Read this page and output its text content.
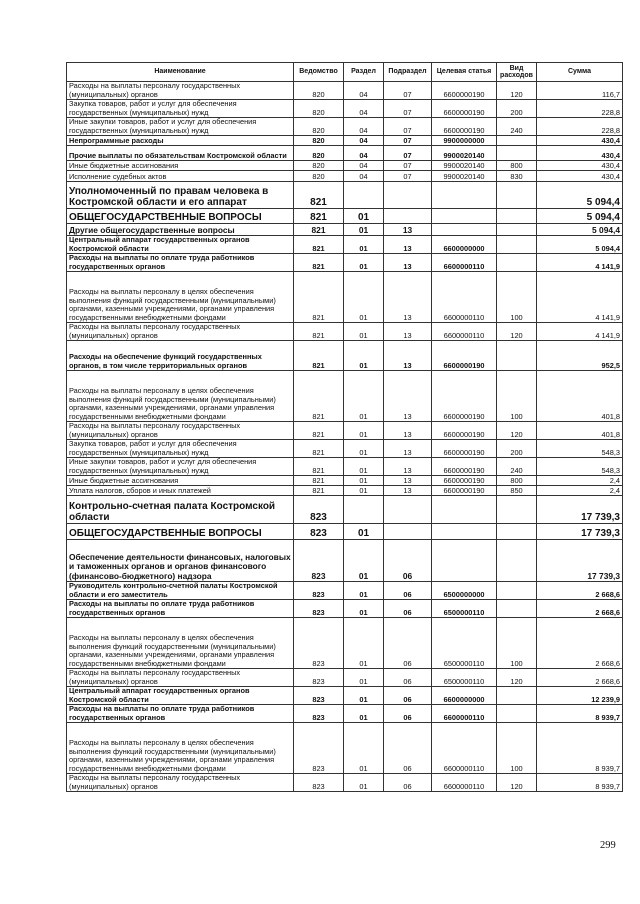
Наименование	Ведомство	Раздел	Подраздел	Целевая статья	Вид расходов	Сумма
Расходы на выплаты персоналу государственных (муниципальных) органов	820	04	07	6600000190	120	116,7
Закупка товаров, работ и услуг для обеспечения государственных (муниципальных) нужд	820	04	07	6600000190	200	228,8
Иные закупки товаров, работ и услуг для обеспечения государственных (муниципальных) нужд	820	04	07	6600000190	240	228,8
Непрограммные расходы	820	04	07	9900000000		430,4
Прочие выплаты по обязательствам Костромской области	820	04	07	9900020140		430,4
Иные бюджетные ассигнования	820	04	07	9900020140	800	430,4
Исполнение судебных актов	820	04	07	9900020140	830	430,4
Уполномоченный по правам человека в Костромской области и его аппарат	821					5 094,4
ОБЩЕГОСУДАРСТВЕННЫЕ ВОПРОСЫ	821	01				5 094,4
Другие общегосударственные вопросы	821	01	13			5 094,4
Центральный аппарат государственных органов Костромской области	821	01	13	6600000000		5 094,4
Расходы на выплаты по оплате труда работников государственных органов	821	01	13	6600000110		4 141,9
Расходы на выплаты персоналу в целях обеспечения выполнения функций государственными (муниципальными) органами, казенными учреждениями, органами управления государственными внебюджетными фондами	821	01	13	6600000110	100	4 141,9
Расходы на выплаты персоналу государственных (муниципальных) органов	821	01	13	6600000110	120	4 141,9
Расходы на обеспечение функций государственных органов, в том числе территориальных органов	821	01	13	6600000190		952,5
Расходы на выплаты персоналу в целях обеспечения выполнения функций государственными (муниципальными) органами, казенными учреждениями, органами управления государственными внебюджетными фондами	821	01	13	6600000190	100	401,8
Расходы на выплаты персоналу государственных (муниципальных) органов	821	01	13	6600000190	120	401,8
Закупка товаров, работ и услуг для обеспечения государственных (муниципальных) нужд	821	01	13	6600000190	200	548,3
Иные закупки товаров, работ и услуг для обеспечения государственных (муниципальных) нужд	821	01	13	6600000190	240	548,3
Иные бюджетные ассигнования	821	01	13	6600000190	800	2,4
Уплата налогов, сборов и иных платежей	821	01	13	6600000190	850	2,4
Контрольно-счетная палата Костромской области	823					17 739,3
ОБЩЕГОСУДАРСТВЕННЫЕ ВОПРОСЫ	823	01				17 739,3
Обеспечение деятельности финансовых, налоговых и таможенных органов и органов финансового (финансово-бюджетного) надзора	823	01	06			17 739,3
Руководитель контрольно-счетной палаты Костромской области и его заместитель	823	01	06	6500000000		2 668,6
Расходы на выплаты по оплате труда работников государственных органов	823	01	06	6500000110		2 668,6
Расходы на выплаты персоналу в целях обеспечения выполнения функций государственными (муниципальными) органами, казенными учреждениями, органами управления государственными внебюджетными фондами	823	01	06	6500000110	100	2 668,6
Расходы на выплаты персоналу государственных (муниципальных) органов	823	01	06	6500000110	120	2 668,6
Центральный аппарат государственных органов Костромской области	823	01	06	6600000000		12 239,9
Расходы на выплаты по оплате труда работников государственных органов	823	01	06	6600000110		8 939,7
Расходы на выплаты персоналу в целях обеспечения выполнения функций государственными (муниципальными) органами, казенными учреждениями, органами управления государственными внебюджетными фондами	823	01	06	6600000110	100	8 939,7
Расходы на выплаты персоналу государственных (муниципальных) органов	823	01	06	6600000110	120	8 939,7
299
